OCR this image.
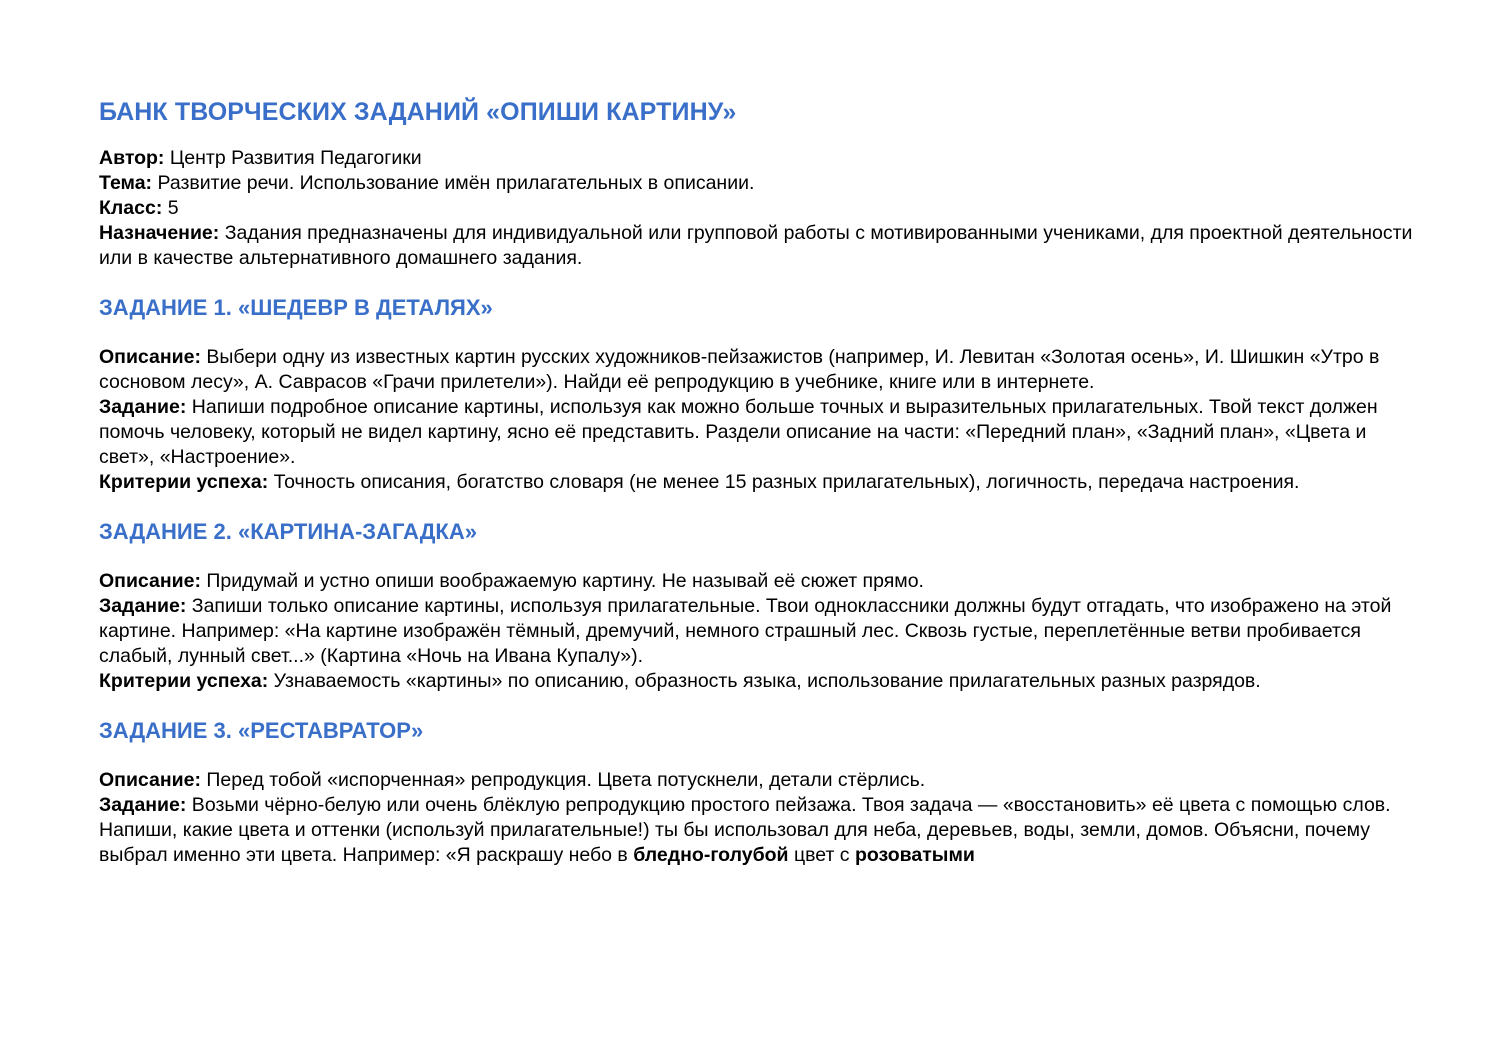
БАНК ТВОРЧЕСКИХ ЗАДАНИЙ «ОПИШИ КАРТИНУ»

Автор: Центр Развития Педагогики

Тема: Развитие речи. Использование имён прилагательных в описании.

Класс: 5

Назначение: Задания предназначены для индивидуальной или групповой работы с мотивированными учениками, для проектной деятельности или в качестве альтернативного домашнего задания.

ЗАДАНИЕ 1. «ШЕДЕВР В ДЕТАЛЯХ»

Описание: Выбери одну из известных картин русских художников-пейзажистов (например, И. Левитан «Золотая осень», И. Шишкин «Утро в сосновом лесу», А. Саврасов «Грачи прилетели»). Найди её репродукцию в учебнике, книге или в интернете.

Задание: Напиши подробное описание картины, используя как можно больше точных и выразительных прилагательных. Твой текст должен помочь человеку, который не видел картину, ясно её представить. Раздели описание на части: «Передний план», «Задний план», «Цвета и свет», «Настроение».

Критерии успеха: Точность описания, богатство словаря (не менее 15 разных прилагательных), логичность, передача настроения.

ЗАДАНИЕ 2. «КАРТИНА-ЗАГАДКА»

Описание: Придумай и устно опиши воображаемую картину. Не называй её сюжет прямо.

Задание: Запиши только описание картины, используя прилагательные. Твои одноклассники должны будут отгадать, что изображено на этой картине. Например: «На картине изображён тёмный, дремучий, немного страшный лес. Сквозь густые, переплетённые ветви пробивается слабый, лунный свет...» (Картина «Ночь на Ивана Купалу»).

Критерии успеха: Узнаваемость «картины» по описанию, образность языка, использование прилагательных разных разрядов.

ЗАДАНИЕ 3. «РЕСТАВРАТОР»

Описание: Перед тобой «испорченная» репродукция. Цвета потускнели, детали стёрлись.

Задание: Возьми чёрно-белую или очень блёклую репродукцию простого пейзажа. Твоя задача — «восстановить» её цвета с помощью слов. Напиши, какие цвета и оттенки (используй прилагательные!) ты бы использовал для неба, деревьев, воды, земли, домов. Объясни, почему выбрал именно эти цвета. Например: «Я раскрашу небо в бледно-голубой цвет с розоватыми
